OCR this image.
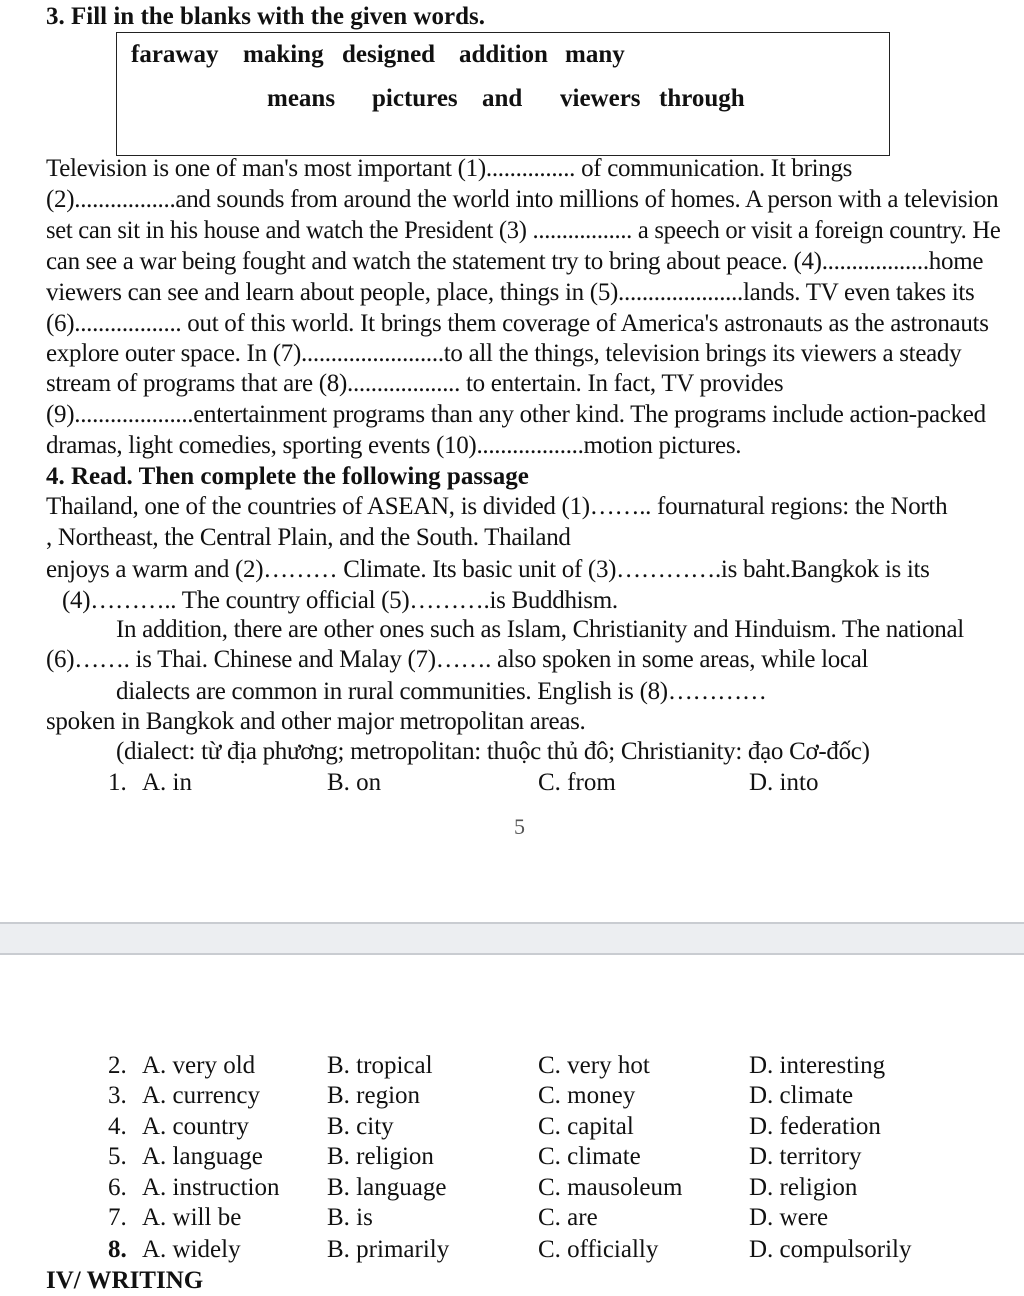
3. Fill in the blanks with the given words.
faraway making designed addition many
means pictures and viewers through
Television is one of man's most important (1)............... of communication. It brings
(2).................and sounds from around the world into millions of homes. A person with a television
set can sit in his house and watch the President (3) ................. a speech or visit a foreign country. He
can see a war being fought and watch the statement try to bring about peace. (4)..................home
viewers can see and learn about people, place, things in (5).....................lands. TV even takes its
(6).................. out of this world. It brings them coverage of America's astronauts as the astronauts
explore outer space. In (7)........................to all the things, television brings its viewers a steady
stream of programs that are (8)................... to entertain. In fact, TV provides
(9)....................entertainment programs than any other kind. The programs include action-packed
dramas, light comedies, sporting events (10)..................motion pictures.
4. Read. Then complete the following passage
Thailand, one of the countries of ASEAN, is divided (1)…….. fournatural regions: the North
, Northeast, the Central Plain, and the South. Thailand
enjoys a warm and (2)……… Climate. Its basic unit of (3)………….is baht.Bangkok is its
(4)……….. The country official (5)……….is Buddhism.
In addition, there are other ones such as Islam, Christianity and Hinduism. The national
(6)……. is Thai. Chinese and Malay (7)……. also spoken in some areas, while local
dialects are common in rural communities. English is (8)…………
spoken in Bangkok and other major metropolitan areas.
(dialect: từ địa phương; metropolitan: thuộc thủ đô; Christianity: đạo Cơ-đốc)
1. A. in	B. on	C. from	D. into
5
2. A. very old	B. tropical	C. very hot	D. interesting
3. A. currency	B. region	C. money	D. climate
4. A. country	B. city	C. capital	D. federation
5. A. language	B. religion	C. climate	D. territory
6. A. instruction B. language	C. mausoleum	D. religion
7. A. will be	B. is	C. are	D. were
8. A. widely	B. primarily	C. officially	D. compulsorily
IV/ WRITING
